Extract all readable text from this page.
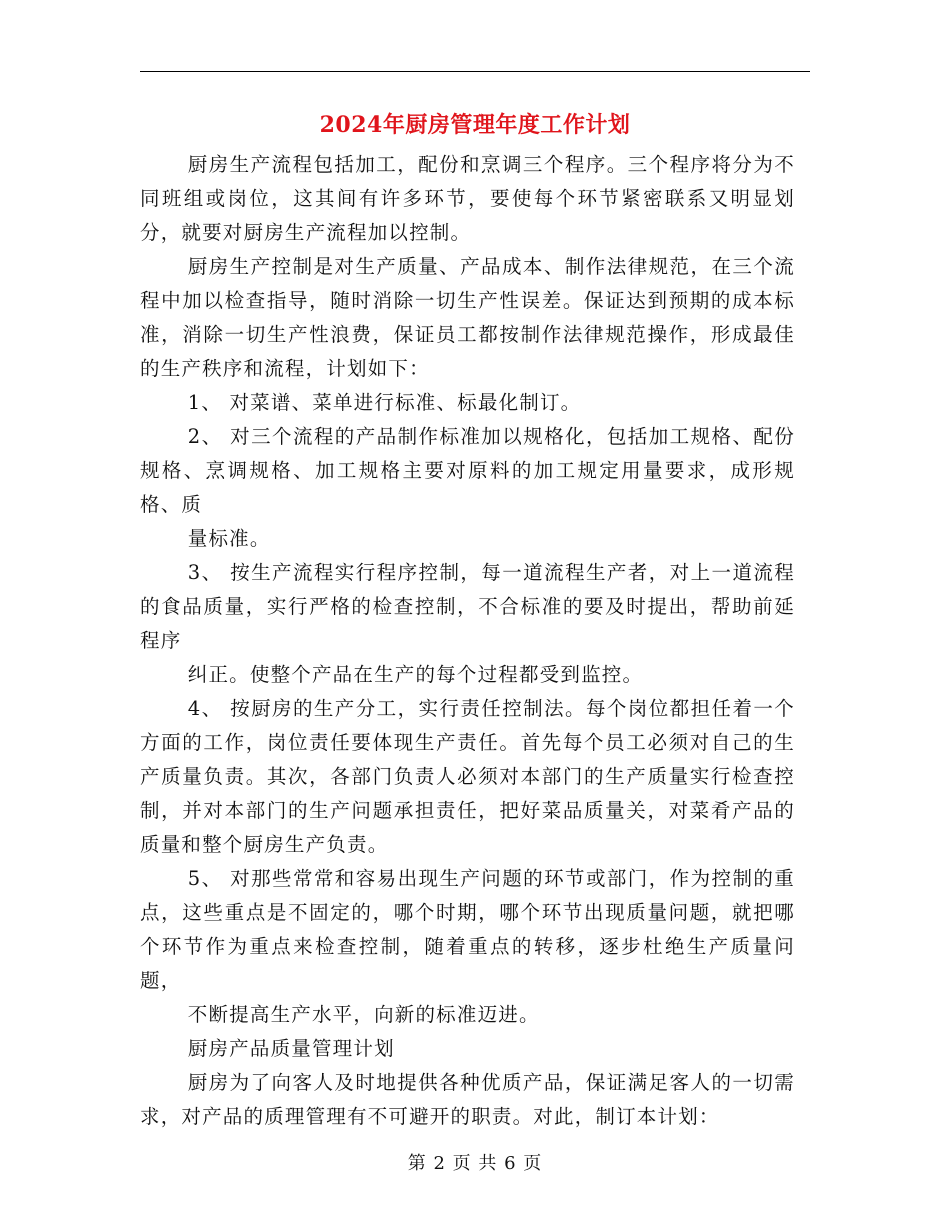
2024年厨房管理年度工作计划

厨房生产流程包括加工，配份和烹调三个程序。三个程序将分为不同班组或岗位，这其间有许多环节，要使每个环节紧密联系又明显划分，就要对厨房生产流程加以控制。

厨房生产控制是对生产质量、产品成本、制作法律规范，在三个流程中加以检查指导，随时消除一切生产性误差。保证达到预期的成本标准，消除一切生产性浪费，保证员工都按制作法律规范操作，形成最佳的生产秩序和流程，计划如下：

1、 对菜谱、菜单进行标准、标最化制订。

2、 对三个流程的产品制作标准加以规格化，包括加工规格、配份规格、烹调规格、加工规格主要对原料的加工规定用量要求，成形规格、质

量标准。

3、 按生产流程实行程序控制，每一道流程生产者，对上一道流程的食品质量，实行严格的检查控制，不合标准的要及时提出，帮助前延程序

纠正。使整个产品在生产的每个过程都受到监控。

4、 按厨房的生产分工，实行责任控制法。每个岗位都担任着一个方面的工作，岗位责任要体现生产责任。首先每个员工必须对自己的生产质量负责。其次，各部门负责人必须对本部门的生产质量实行检查控制，并对本部门的生产问题承担责任，把好菜品质量关，对菜肴产品的质量和整个厨房生产负责。

5、 对那些常常和容易出现生产问题的环节或部门，作为控制的重点，这些重点是不固定的，哪个时期，哪个环节出现质量问题，就把哪个环节作为重点来检查控制，随着重点的转移，逐步杜绝生产质量问题，

不断提高生产水平，向新的标准迈进。

厨房产品质量管理计划

厨房为了向客人及时地提供各种优质产品，保证满足客人的一切需求，对产品的质理管理有不可避开的职责。对此，制订本计划：

第 2 页 共 6 页
